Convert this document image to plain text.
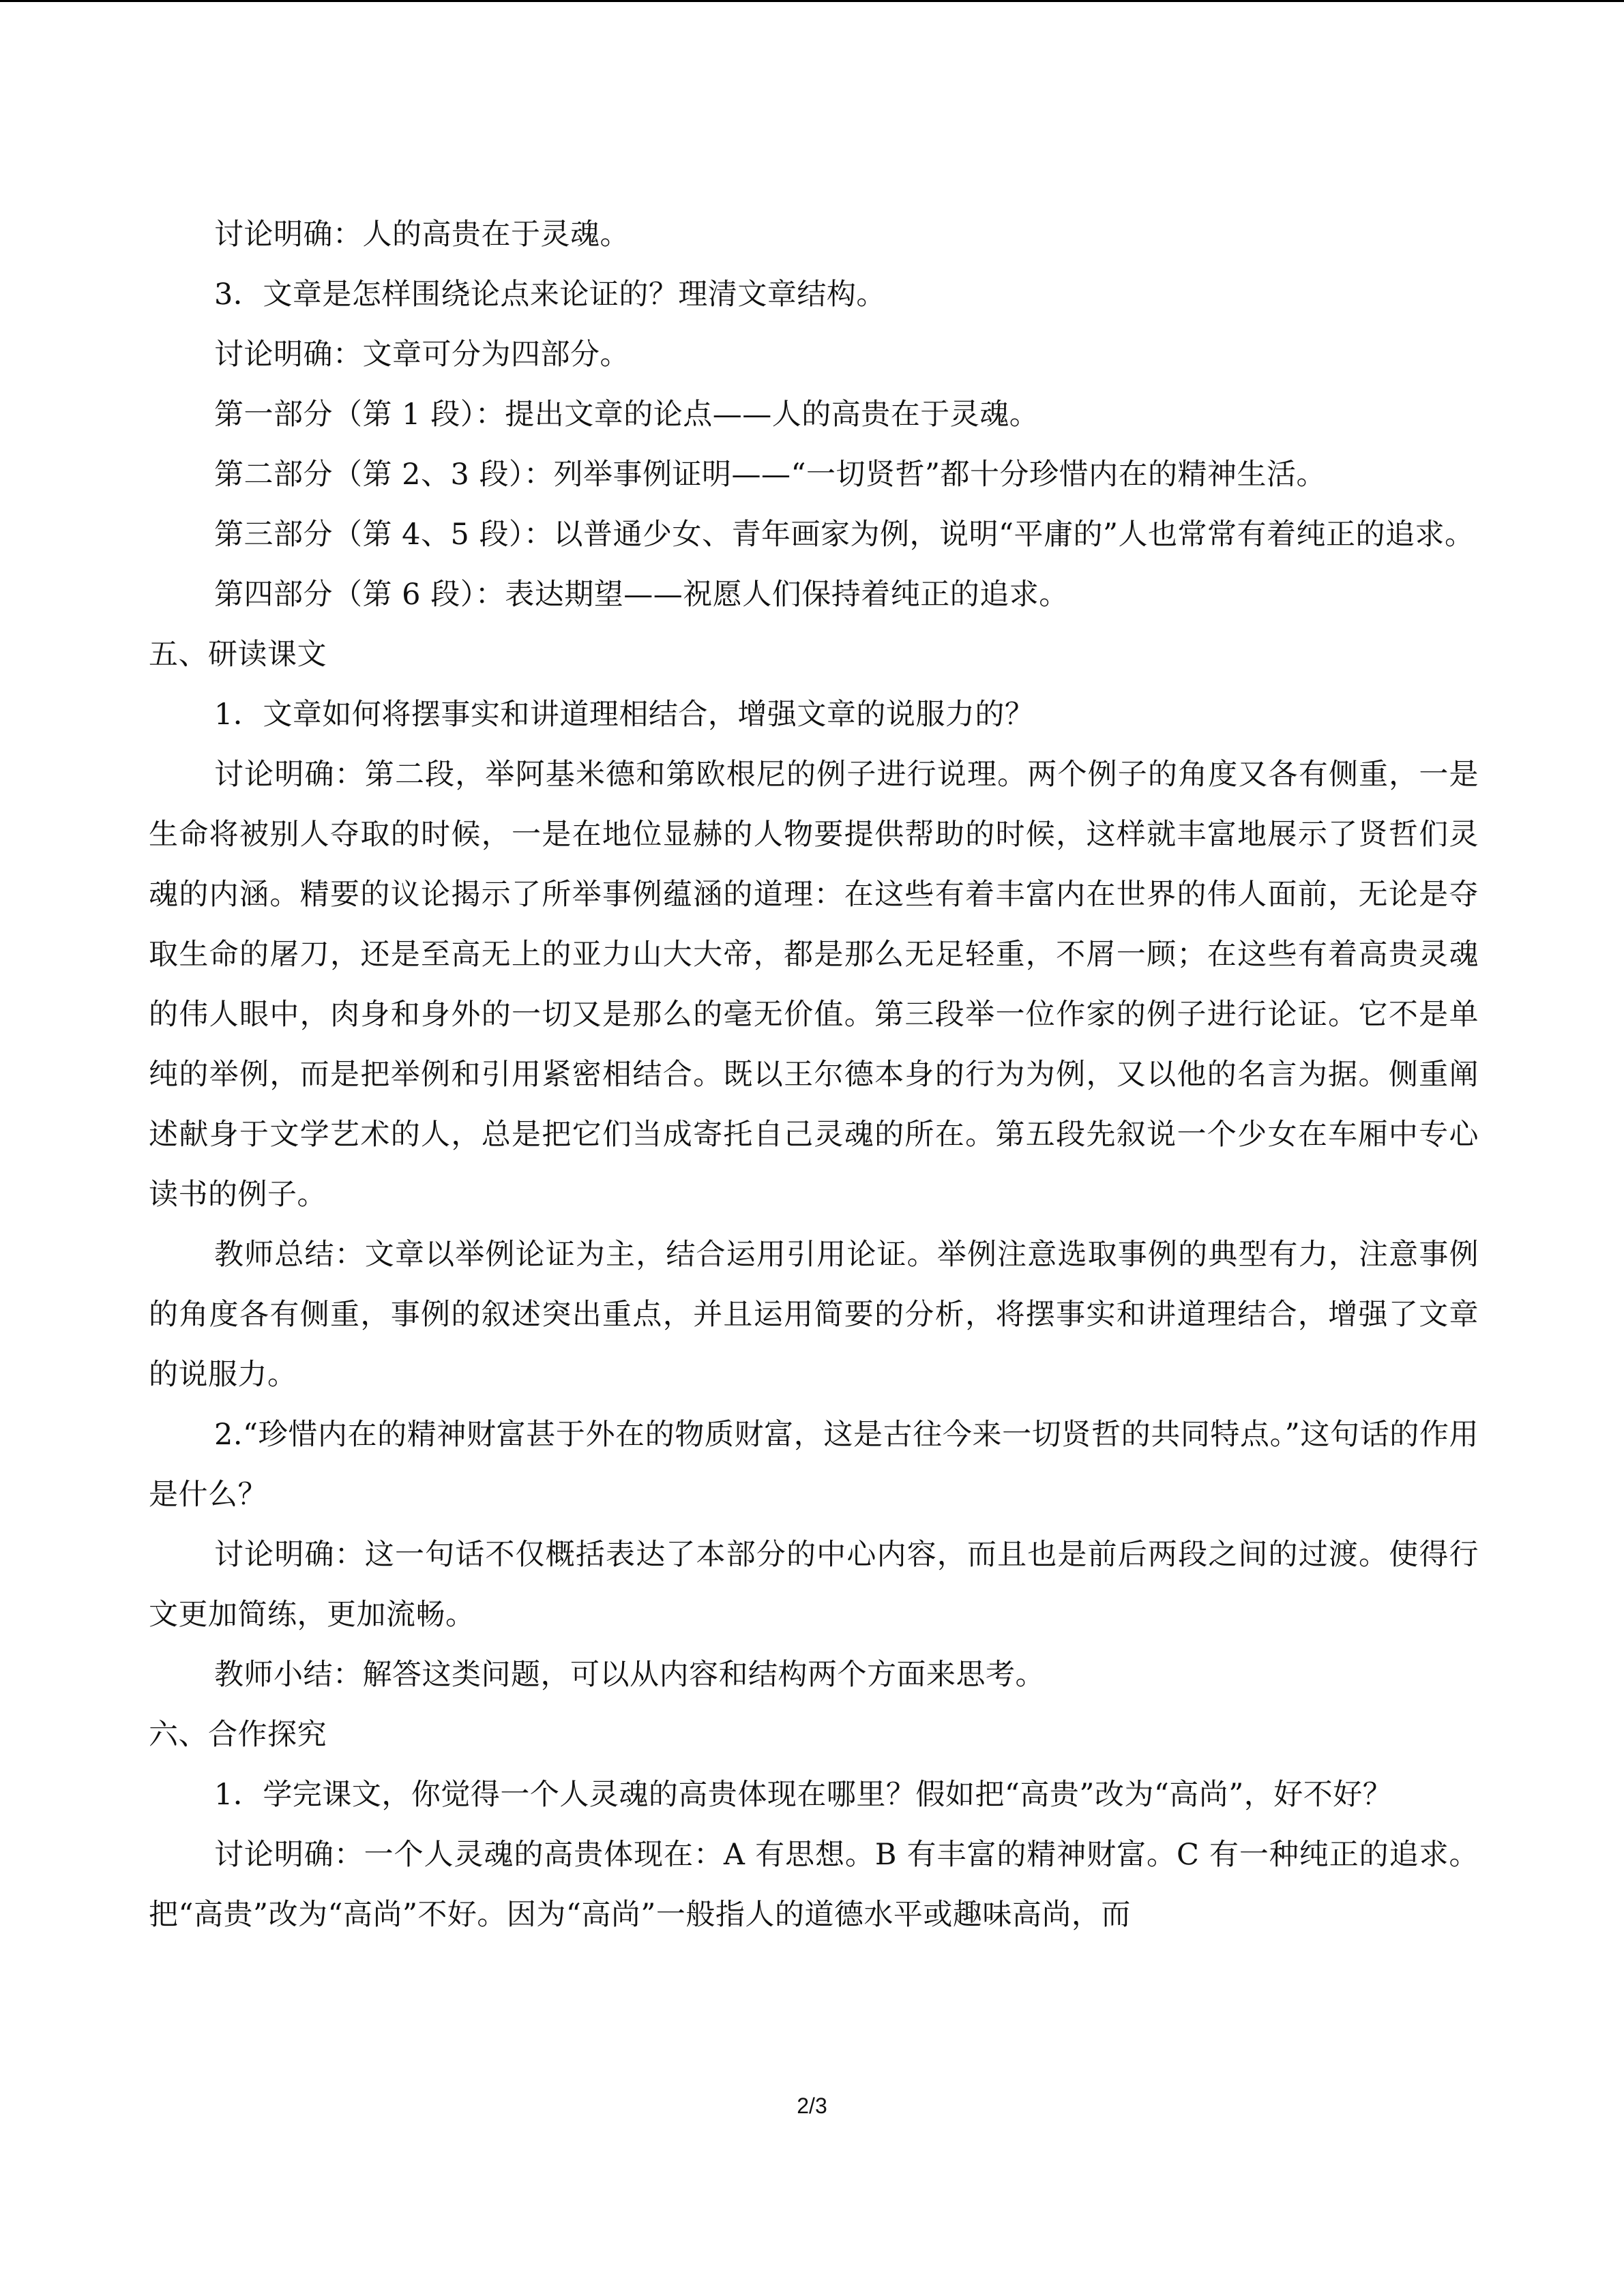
讨论明确：人的高贵在于灵魂。

3．文章是怎样围绕论点来论证的？理清文章结构。

讨论明确：文章可分为四部分。

第一部分（第 1 段）：提出文章的论点——人的高贵在于灵魂。

第二部分（第 2、3 段）：列举事例证明——“一切贤哲”都十分珍惜内在的精神生活。

第三部分（第 4、5 段）：以普通少女、青年画家为例，说明“平庸的”人也常常有着纯正的追求。

第四部分（第 6 段）：表达期望——祝愿人们保持着纯正的追求。

五、研读课文

1．文章如何将摆事实和讲道理相结合，增强文章的说服力的？

讨论明确：第二段，举阿基米德和第欧根尼的例子进行说理。两个例子的角度又各有侧重，一是生命将被别人夺取的时候，一是在地位显赫的人物要提供帮助的时候，这样就丰富地展示了贤哲们灵魂的内涵。精要的议论揭示了所举事例蕴涵的道理：在这些有着丰富内在世界的伟人面前，无论是夺取生命的屠刀，还是至高无上的亚力山大大帝，都是那么无足轻重，不屑一顾；在这些有着高贵灵魂的伟人眼中，肉身和身外的一切又是那么的毫无价值。第三段举一位作家的例子进行论证。它不是单纯的举例，而是把举例和引用紧密相结合。既以王尔德本身的行为为例，又以他的名言为据。侧重阐述献身于文学艺术的人，总是把它们当成寄托自己灵魂的所在。第五段先叙说一个少女在车厢中专心读书的例子。

教师总结：文章以举例论证为主，结合运用引用论证。举例注意选取事例的典型有力，注意事例的角度各有侧重，事例的叙述突出重点，并且运用简要的分析，将摆事实和讲道理结合，增强了文章的说服力。

2.“珍惜内在的精神财富甚于外在的物质财富，这是古往今来一切贤哲的共同特点。”这句话的作用是什么？

讨论明确：这一句话不仅概括表达了本部分的中心内容，而且也是前后两段之间的过渡。使得行文更加简练，更加流畅。

教师小结：解答这类问题，可以从内容和结构两个方面来思考。

六、合作探究

1．学完课文，你觉得一个人灵魂的高贵体现在哪里？假如把“高贵”改为“高尚”，好不好？

讨论明确：一个人灵魂的高贵体现在：A 有思想。B 有丰富的精神财富。C 有一种纯正的追求。把“高贵”改为“高尚”不好。因为“高尚”一般指人的道德水平或趣味高尚，而

2/3
